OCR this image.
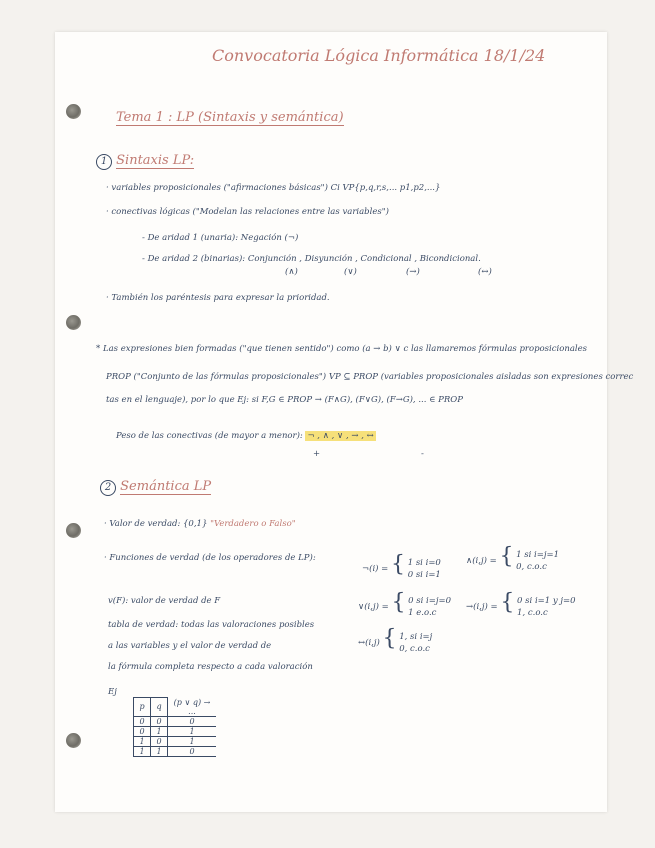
Convocatoria Lógica Informática 18/1/24
Tema 1 : LP (Sintaxis y semántica)
1 Sintaxis LP:
· variables proposicionales ("afirmaciones básicas") Ci VP{p,q,r,s,... p1,p2,...}
· conectivas lógicas ("Modelan las relaciones entre las variables")
- De aridad 1 (unaria): Negación (¬)
- De aridad 2 (binarias): Conjunción , Disyunción , Condicional , Bicondicional.
(∧)	(∨)	(→)	(↔)
· También los paréntesis para expresar la prioridad.
* Las expresiones bien formadas ("que tienen sentido") como (a → b) ∨ c las llamaremos fórmulas proposicionales
PROP ("Conjunto de las fórmulas proposicionales") VP ⊆ PROP (variables proposicionales aisladas son expresiones correc
tas en el lenguaje), por lo que Ej: si F,G ∈ PROP → (F∧G), (F∨G), (F→G), ... ∈ PROP
Peso de las conectivas (de mayor a menor): ¬ , ∧ , ∨ , → , ↔
+	-
2 Semántica LP
· Valor de verdad: {0,1} "Verdadero o Falso"
· Funciones de verdad (de los operadores de LP):
¬(i) = { 1 si i=0
0 si i=1
∧(i,j) = { 1 si i=j=1
0, c.o.c
∨(i,j) = { 0 si i=j=0
1 e.o.c
→(i,j) = { 0 si i=1 y j=0
1, c.o.c
↔(i,j) { 1, si i=j
0, c.o.c
v(F): valor de verdad de F
tabla de verdad: todas las valoraciones posibles
a las variables y el valor de verdad de
la fórmula completa respecto a cada valoración
Ej
p	q	(p ∨ q) → ...
0	0	0
0	1	1
1	0	1
1	1	0
